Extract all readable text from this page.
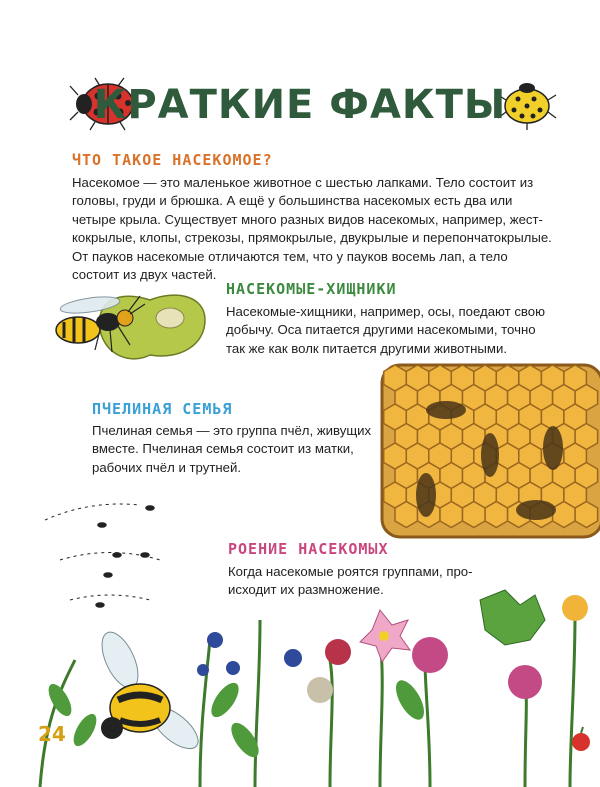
КРАТКИЕ ФАКТЫ
ЧТО ТАКОЕ НАСЕКОМОЕ?
Насекомое — это маленькое животное с шестью лапками. Тело состоит из
головы, груди и брюшка. А ещё у большинства насекомых есть два или
четыре крыла. Существует много разных видов насекомых, например, жест-
кокрылые, клопы, стрекозы, прямокрылые, двукрылые и перепончатокрылые.
От пауков насекомые отличаются тем, что у пауков восемь лап, а тело
состоит из двух частей.
НАСЕКОМЫЕ-ХИЩНИКИ
Насекомые-хищники, например, осы, поедают свою
добычу. Оса питается другими насекомыми, точно
так же как волк питается другими животными.
ПЧЕЛИНАЯ СЕМЬЯ
Пчелиная семья — это группа пчёл, живущих
вместе. Пчелиная семья состоит из матки,
рабочих пчёл и трутней.
РОЕНИЕ НАСЕКОМЫХ
Когда насекомые роятся группами, про-
исходит их размножение.
24
